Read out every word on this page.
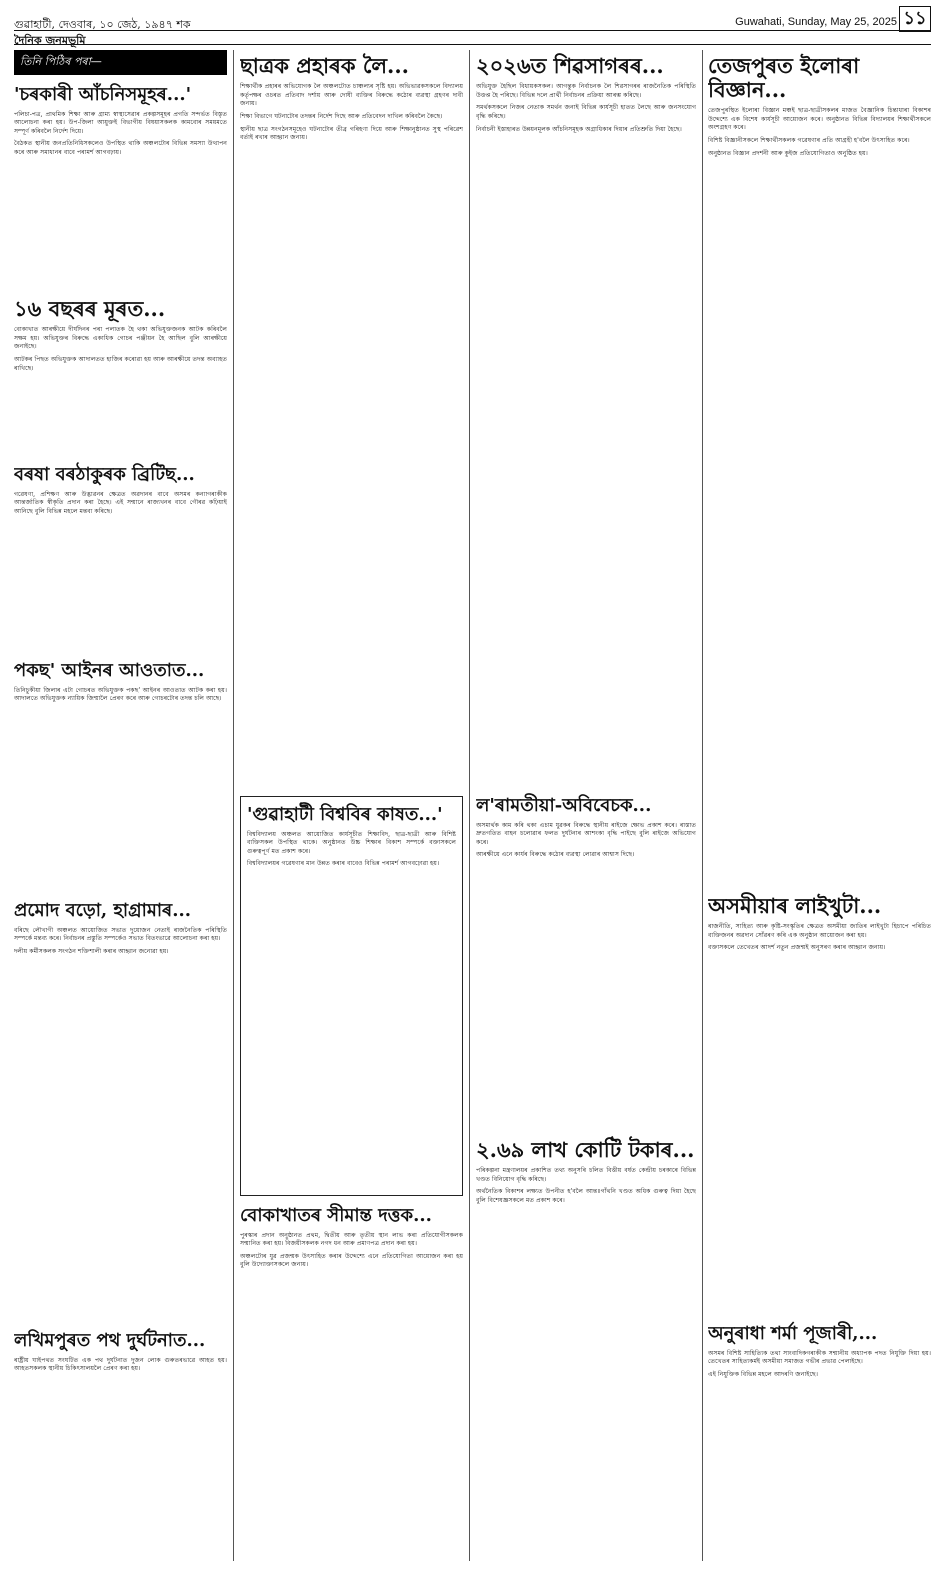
গুৱাহাটী, দেওবাৰ, ১০ জেঠ, ১৯৪৭ শক	Guwahati, Sunday, May 25, 2025 ১১
দৈনিক জনমভূমি
তিনি পিঠিৰ পৰা—
'চৰকাৰী আঁচনিসমূহৰ...'

পলিচা-পত্ৰ, প্ৰাথমিক শিক্ষা আৰু গ্ৰাম্য স্বাস্থ্যসেৱাৰ প্ৰকল্পসমূহৰ প্ৰগতি সন্দৰ্ভত বিস্তৃত আলোচনা কৰা হয়। উপ-জিলা আয়ুক্তই বিভাগীয় বিষয়াসকলক কামবোৰ সময়মতে সম্পূৰ্ণ কৰিবলৈ নিৰ্দেশ দিয়ে।

বৈঠকত স্থানীয় জনপ্ৰতিনিধিসকলেও উপস্থিত থাকি অঞ্চলটোৰ বিভিন্ন সমস্যা উত্থাপন কৰে আৰু সমাধানৰ বাবে পৰামৰ্শ আগবঢ়ায়।

১৬ বছৰৰ মূৰত...

বোকাখাত আৰক্ষীয়ে দীৰ্ঘদিনৰ পৰা পলাতক হৈ থকা অভিযুক্তজনক আটক কৰিবলৈ সক্ষম হয়। অভিযুক্তৰ বিৰুদ্ধে একাধিক গোচৰ পঞ্জীয়ন হৈ আছিল বুলি আৰক্ষীয়ে জনাইছে।

আটকৰ পিছত অভিযুক্তক আদালতত হাজিৰ কৰোৱা হয় আৰু আৰক্ষীয়ে তদন্ত অব্যাহত ৰাখিছে।

বৰষা বৰঠাকুৰক ব্ৰিটিছ...

গৱেষণা, প্ৰশিক্ষণ আৰু উদ্ভাৱনৰ ক্ষেত্ৰত অৱদানৰ বাবে অসমৰ কন্যাগৰাকীক আন্তৰ্জাতিক স্বীকৃতি প্ৰদান কৰা হৈছে। এই সন্মানে ৰাজ্যখনৰ বাবে গৌৰৱ কঢ়িয়াই আনিছে বুলি বিভিন্ন মহলে মন্তব্য কৰিছে।

পকছ' আইনৰ আওতাত...

তিনিচুকীয়া জিলাৰ এটা গোচৰত অভিযুক্তক পকছ' আইনৰ আওতাত আটক কৰা হয়। আদালতে অভিযুক্তক ন্যায়িক জিম্মালৈ প্ৰেৰণ কৰে আৰু গোচৰটোৰ তদন্ত চলি আছে।

প্ৰমোদ বড়ো, হাগ্ৰামাৰ...

বৰিছে লৌখাগী অঞ্চলত আয়োজিত সভাত দুয়োজন নেতাই ৰাজনৈতিক পৰিস্থিতি সম্পৰ্কে মন্তব্য কৰে। নিৰ্বাচনৰ প্ৰস্তুতি সম্পৰ্কেও সভাত বিতংভাৱে আলোচনা কৰা হয়।

দলীয় কৰ্মীসকলক সংগঠন শক্তিশালী কৰাৰ আহ্বান জনোৱা হয়।

লখিমপুৰত পথ দুৰ্ঘটনাত...

ৰাষ্ট্ৰীয় ঘাইপথত সংঘটিত এক পথ দুৰ্ঘটনাত দুজন লোক গুৰুতৰভাৱে আহত হয়। আহতসকলক স্থানীয় চিকিৎসালয়লৈ প্ৰেৰণ কৰা হয়।

ছাত্ৰক প্ৰহাৰক লৈ...

শিক্ষাৰ্থীক প্ৰহাৰৰ অভিযোগক লৈ অঞ্চলটোত চাঞ্চল্যৰ সৃষ্টি হয়। অভিভাৱকসকলে বিদ্যালয় কৰ্তৃপক্ষৰ ওচৰত প্ৰতিবাদ দৰ্শায় আৰু দোষী ব্যক্তিৰ বিৰুদ্ধে কঠোৰ ব্যৱস্থা গ্ৰহণৰ দাবী জনায়।

শিক্ষা বিভাগে ঘটনাটোৰ তদন্তৰ নিৰ্দেশ দিছে আৰু প্ৰতিবেদন দাখিল কৰিবলৈ কৈছে।

স্থানীয় ছাত্ৰ সংগঠনসমূহেও ঘটনাটোৰ তীব্ৰ গৰিহণা দিয়ে আৰু শিক্ষানুষ্ঠানত সুস্থ পৰিৱেশ বৰ্তাই ৰখাৰ আহ্বান জনায়।

'গুৱাহাটী বিশ্ববিৰ কাষত...'

বিশ্ববিদ্যালয় অঞ্চলত আয়োজিত কাৰ্যসূচীত শিক্ষাবিদ, ছাত্ৰ-ছাত্ৰী আৰু বিশিষ্ট ব্যক্তিসকল উপস্থিত থাকে। অনুষ্ঠানত উচ্চ শিক্ষাৰ বিকাশ সম্পৰ্কে বক্তাসকলে গুৰুত্বপূৰ্ণ মত প্ৰকাশ কৰে।

বিশ্ববিদ্যালয়ৰ গৱেষণাৰ মান উন্নত কৰাৰ বাবেও বিভিন্ন পৰামৰ্শ আগবঢ়োৱা হয়।

বোকাখাতৰ সীমান্ত দত্তক...

পুৰস্কাৰ প্ৰদান অনুষ্ঠানত প্ৰথম, দ্বিতীয় আৰু তৃতীয় স্থান লাভ কৰা প্ৰতিযোগীসকলক সন্মানিত কৰা হয়। বিজয়ীসকলক নগদ ধন আৰু প্ৰমাণপত্ৰ প্ৰদান কৰা হয়।

অঞ্চলটোৰ যুৱ প্ৰজন্মক উৎসাহিত কৰাৰ উদ্দেশ্যে এনে প্ৰতিযোগিতা আয়োজন কৰা হয় বুলি উদ্যোক্তাসকলে জনায়।

২০২৬ত শিৱসাগৰৰ...

অভিযুক্ত হৈছিল বিধায়কসকল। আগন্তুক নিৰ্বাচনক লৈ শিৱসাগৰৰ ৰাজনৈতিক পৰিস্থিতি উত্তপ্ত হৈ পৰিছে। বিভিন্ন দলে প্ৰাৰ্থী নিৰ্বাচনৰ প্ৰক্ৰিয়া আৰম্ভ কৰিছে।

সমৰ্থকসকলে নিজৰ নেতাক সমৰ্থন জনাই বিভিন্ন কাৰ্যসূচী হাতত লৈছে আৰু জনসংযোগ বৃদ্ধি কৰিছে।

নিৰ্বাচনী ইস্তাহাৰত উন্নয়নমূলক আঁচনিসমূহক অগ্ৰাধিকাৰ দিয়াৰ প্ৰতিশ্ৰুতি দিয়া হৈছে।

ল'ৰামতীয়া-অবিবেচক...

অসমাৰ্থক কাম কৰি থকা এচাম যুৱকৰ বিৰুদ্ধে স্থানীয় ৰাইজে ক্ষোভ প্ৰকাশ কৰে। ৰাস্তাত দ্ৰুতগতিত বাহন চলোৱাৰ ফলত দুৰ্ঘটনাৰ আশংকা বৃদ্ধি পাইছে বুলি ৰাইজে অভিযোগ কৰে।

আৰক্ষীয়ে এনে কাৰ্যৰ বিৰুদ্ধে কঠোৰ ব্যৱস্থা লোৱাৰ আশ্বাস দিছে।

২.৬৯ লাখ কোটি টকাৰ...

পৰিকল্পনা মন্ত্ৰণালয়ৰ প্ৰকাশিত তথ্য অনুসৰি চলিত বিত্তীয় বৰ্ষত কেন্দ্ৰীয় চৰকাৰে বিভিন্ন খণ্ডত বিনিয়োগ বৃদ্ধি কৰিছে।

অৰ্থনৈতিক বিকাশৰ লক্ষ্যত উপনীত হ'বলৈ আন্তঃগাঁথনি খণ্ডত অধিক গুৰুত্ব দিয়া হৈছে বুলি বিশেষজ্ঞসকলে মত প্ৰকাশ কৰে।

তেজপুৰত ইলোৰা বিজ্ঞান...

তেজপুৰস্থিত ইলোৰা বিজ্ঞান মঞ্চই ছাত্ৰ-ছাত্ৰীসকলৰ মাজত বৈজ্ঞানিক চিন্তাধাৰা বিকাশৰ উদ্দেশ্যে এক বিশেষ কাৰ্যসূচী আয়োজন কৰে। অনুষ্ঠানত বিভিন্ন বিদ্যালয়ৰ শিক্ষাৰ্থীসকলে অংশগ্ৰহণ কৰে।

বিশিষ্ট বিজ্ঞানীসকলে শিক্ষাৰ্থীসকলক গৱেষণাৰ প্ৰতি আগ্ৰহী হ'বলৈ উৎসাহিত কৰে।

অনুষ্ঠানত বিজ্ঞান প্ৰদৰ্শনী আৰু কুইজ প্ৰতিযোগিতাও অনুষ্ঠিত হয়।

অসমীয়াৰ লাইখুটা...

ৰাজনীতি, সাহিত্য আৰু কৃষ্টি-সংস্কৃতিৰ ক্ষেত্ৰত অসমীয়া জাতিৰ লাইখুটা হিচাপে পৰিচিত ব্যক্তিজনৰ অৱদান সোঁৱৰণ কৰি এক অনুষ্ঠান আয়োজন কৰা হয়।

বক্তাসকলে তেখেতৰ আদৰ্শ নতুন প্ৰজন্মই অনুসৰণ কৰাৰ আহ্বান জনায়।

অনুৰাধা শৰ্মা পূজাৰী,...

অসমৰ বিশিষ্ট সাহিত্যিক তথা সাংবাদিকগৰাকীক সন্মানীয় অধ্যাপক পদত নিযুক্তি দিয়া হয়। তেখেতৰ সাহিত্যকৰ্মই অসমীয়া সমাজত গভীৰ প্ৰভাৱ পেলাইছে।

এই নিযুক্তিক বিভিন্ন মহলে আদৰণি জনাইছে।
